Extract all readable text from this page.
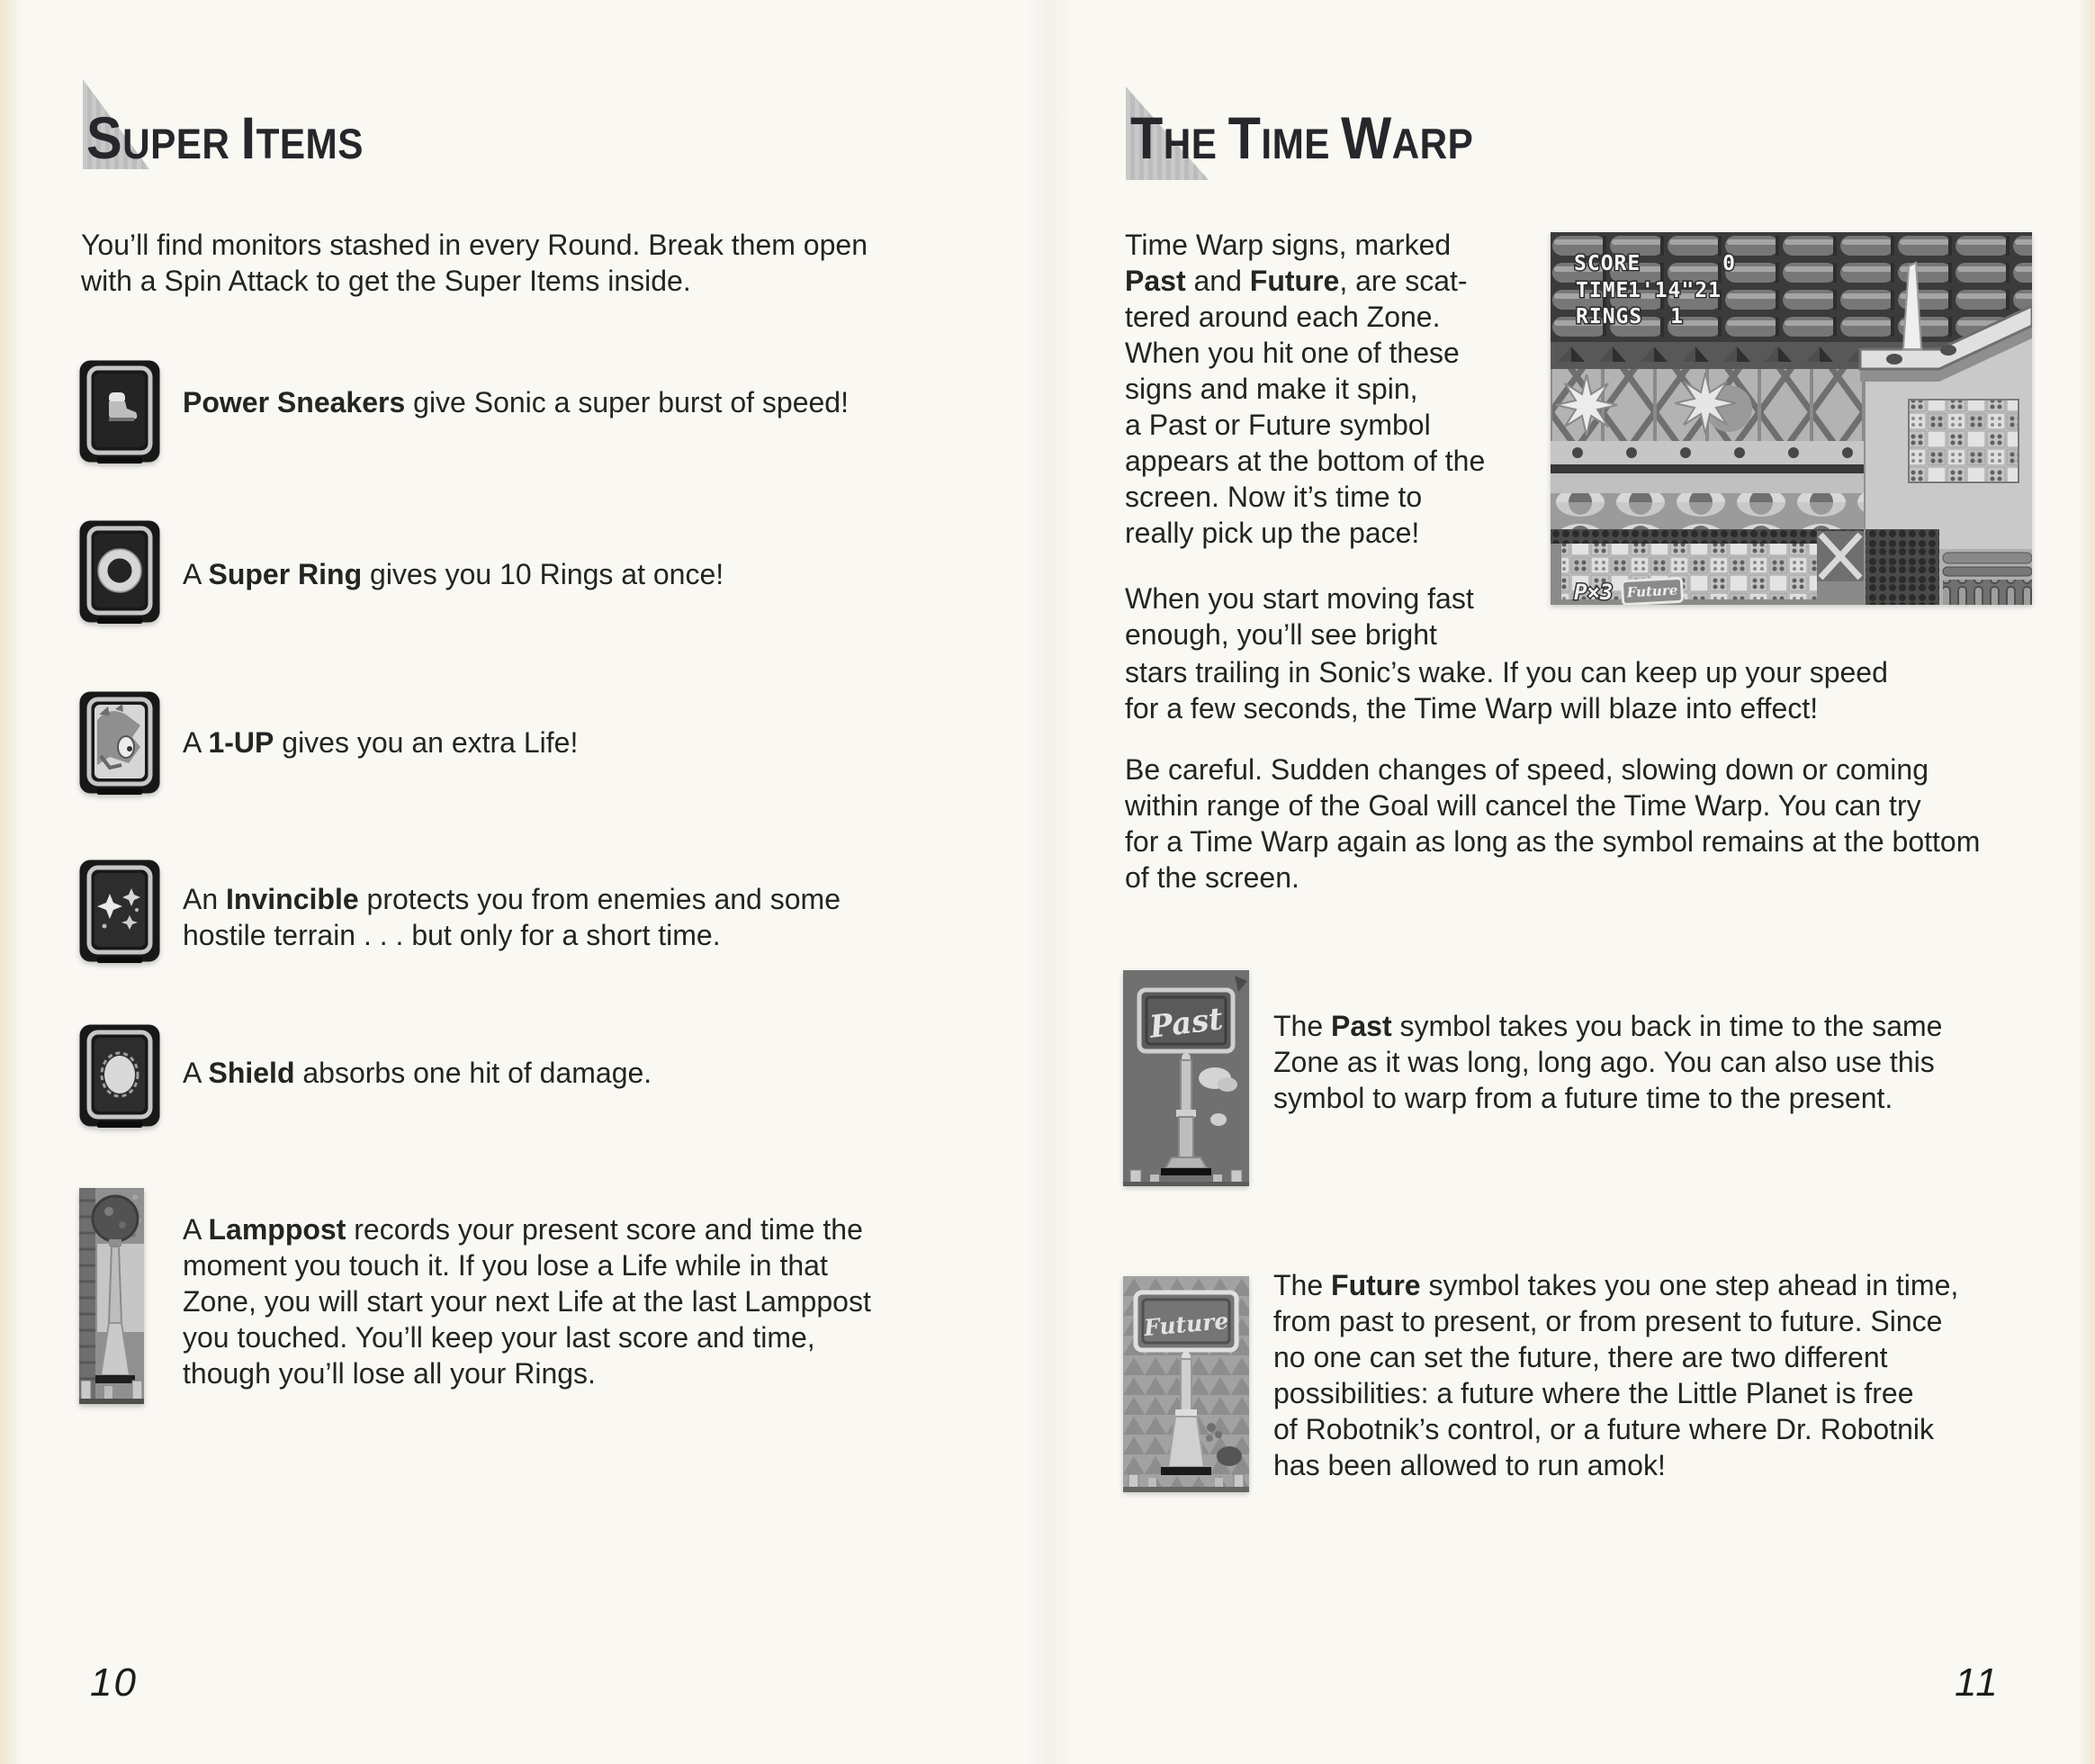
SUPER ITEMS
You’ll find monitors stashed in every Round. Break them open
with a Spin Attack to get the Super Items inside.
Power Sneakers give Sonic a super burst of speed!
A Super Ring gives you 10 Rings at once!
A 1-UP gives you an extra Life!
An Invincible protects you from enemies and some
hostile terrain . . . but only for a short time.
A Shield absorbs one hit of damage.
A Lamppost records your present score and time the
moment you touch it. If you lose a Life while in that
Zone, you will start your next Life at the last Lamppost
you touched. You’ll keep your last score and time,
though you’ll lose all your Rings.
10
THE TIME WARP
Time Warp signs, marked
Past and Future, are scat-
tered around each Zone.
When you hit one of these
signs and make it spin,
a Past or Future symbol
appears at the bottom of the
screen. Now it’s time to
really pick up the pace!
SCORE	0
TIME
1'14"21
RINGS 1
P×3 Future
When you start moving fast
enough, you’ll see bright
stars trailing in Sonic’s wake. If you can keep up your speed
for a few seconds, the Time Warp will blaze into effect!
Be careful. Sudden changes of speed, slowing down or coming
within range of the Goal will cancel the Time Warp. You can try
for a Time Warp again as long as the symbol remains at the bottom
of the screen.
Past The Past symbol takes you back in time to the same
Zone as it was long, long ago. You can also use this
symbol to warp from a future time to the present.
Future
The Future symbol takes you one step ahead in time,
from past to present, or from present to future. Since
no one can set the future, there are two different
possibilities: a future where the Little Planet is free
of Robotnik’s control, or a future where Dr. Robotnik
has been allowed to run amok!
11
